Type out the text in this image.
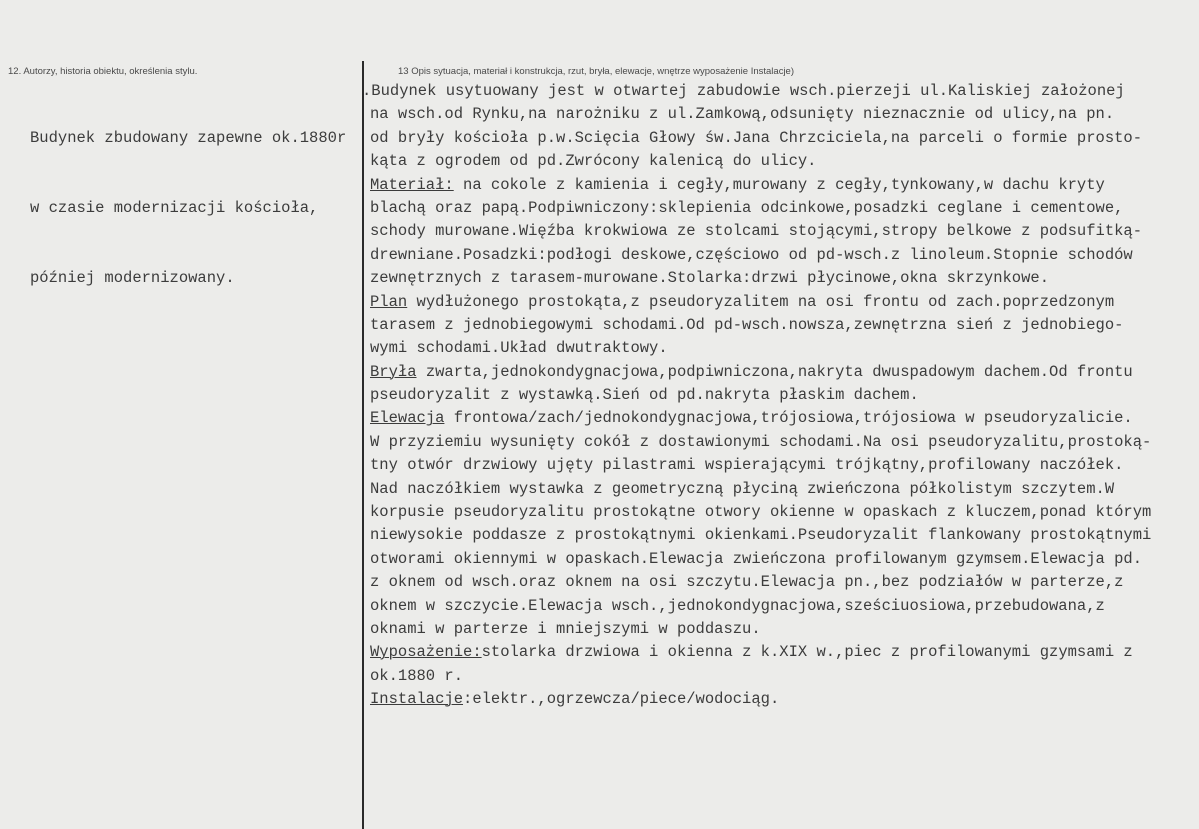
12. Autorzy, historia obiektu, określenia stylu.	13 Opis sytuacja, materiał i konstrukcja, rzut, bryła, elewacje, wnętrze wyposażenie Instalacje)

Budynek zbudowany zapewne ok.1880r

w czasie modernizacji kościoła,

później modernizowany.

.Budynek usytuowany jest w otwartej zabudowie wsch.pierzeji ul.Kaliskiej założonej
na wsch.od Rynku,na narożniku z ul.Zamkową,odsunięty nieznacznie od ulicy,na pn.
od bryły kościoła p.w.Scięcia Głowy św.Jana Chrzciciela,na parceli o formie prosto-
kąta z ogrodem od pd.Zwrócony kalenicą do ulicy.
Materiał: na cokole z kamienia i cegły,murowany z cegły,tynkowany,w dachu kryty
blachą oraz papą.Podpiwniczony:sklepienia odcinkowe,posadzki ceglane i cementowe,
schody murowane.Więźba krokwiowa ze stolcami stojącymi,stropy belkowe z podsufitką-
drewniane.Posadzki:podłogi deskowe,częściowo od pd-wsch.z linoleum.Stopnie schodów
zewnętrznych z tarasem-murowane.Stolarka:drzwi płycinowe,okna skrzynkowe.
Plan wydłużonego prostokąta,z pseudoryzalitem na osi frontu od zach.poprzedzonym
tarasem z jednobiegowymi schodami.Od pd-wsch.nowsza,zewnętrzna sień z jednobiego-
wymi schodami.Układ dwutraktowy.
Bryła zwarta,jednokondygnacjowa,podpiwniczona,nakryta dwuspadowym dachem.Od frontu
pseudoryzalit z wystawką.Sień od pd.nakryta płaskim dachem.
Elewacja frontowa/zach/jednokondygnacjowa,trójosiowa,trójosiowa w pseudoryzalicie.
W przyziemiu wysunięty cokół z dostawionymi schodami.Na osi pseudoryzalitu,prostoką-
tny otwór drzwiowy ujęty pilastrami wspierającymi trójkątny,profilowany naczółek.
Nad naczółkiem wystawka z geometryczną płyciną zwieńczona półkolistym szczytem.W
korpusie pseudoryzalitu prostokątne otwory okienne w opaskach z kluczem,ponad którym
niewysokie poddasze z prostokątnymi okienkami.Pseudoryzalit flankowany prostokątnymi
otworami okiennymi w opaskach.Elewacja zwieńczona profilowanym gzymsem.Elewacja pd.
z oknem od wsch.oraz oknem na osi szczytu.Elewacja pn.,bez podziałów w parterze,z
oknem w szczycie.Elewacja wsch.,jednokondygnacjowa,sześciuosiowa,przebudowana,z
oknami w parterze i mniejszymi w poddaszu.
Wyposażenie:stolarka drzwiowa i okienna z k.XIX w.,piec z profilowanymi gzymsami z
ok.1880 r.
Instalacje:elektr.,ogrzewcza/piece/wodociąg.
